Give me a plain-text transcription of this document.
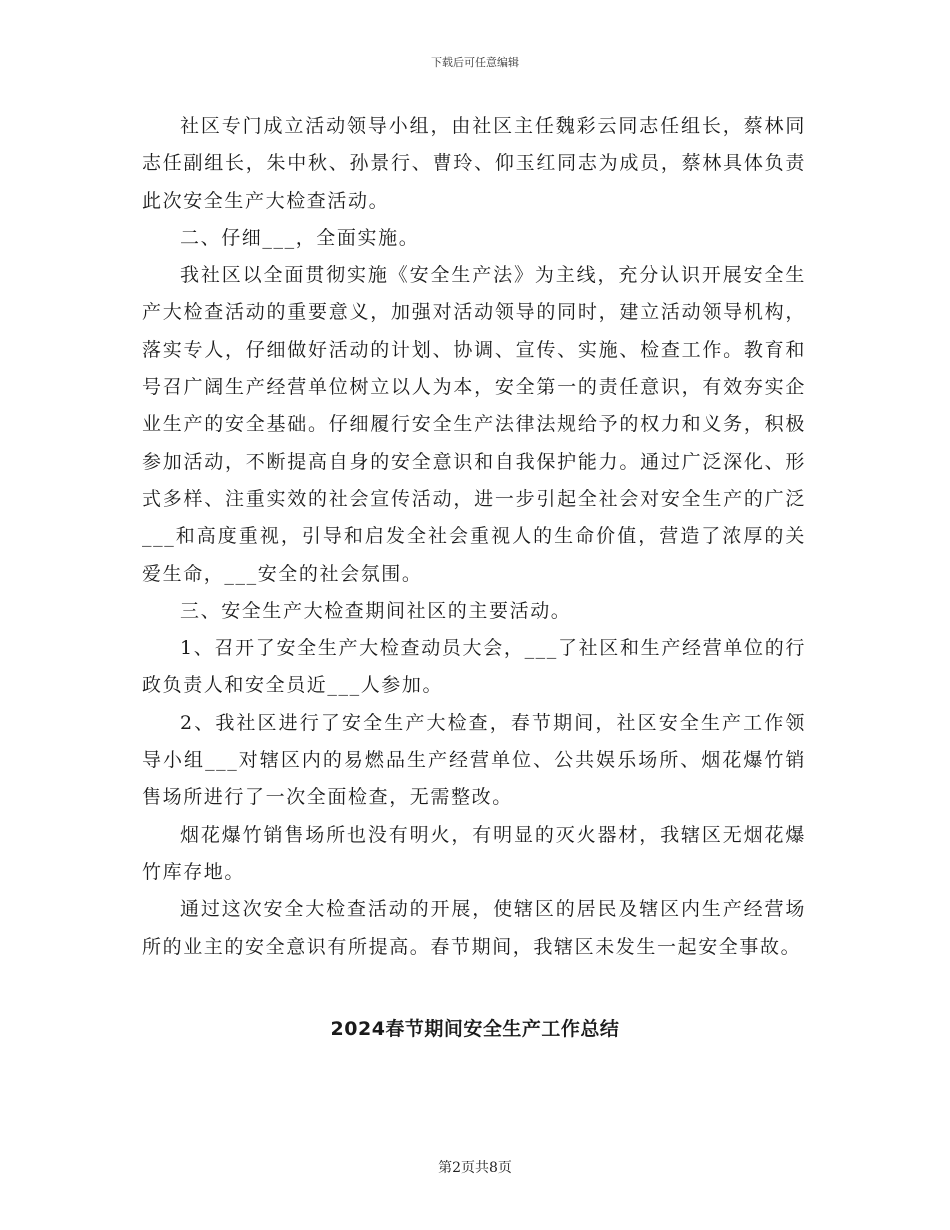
下载后可任意编辑

社区专门成立活动领导小组，由社区主任魏彩云同志任组长，蔡林同志任副组长，朱中秋、孙景行、曹玲、仰玉红同志为成员，蔡林具体负责此次安全生产大检查活动。

二、仔细___，全面实施。

我社区以全面贯彻实施《安全生产法》为主线，充分认识开展安全生产大检查活动的重要意义，加强对活动领导的同时，建立活动领导机构，落实专人，仔细做好活动的计划、协调、宣传、实施、检查工作。教育和号召广阔生产经营单位树立以人为本，安全第一的责任意识，有效夯实企业生产的安全基础。仔细履行安全生产法律法规给予的权力和义务，积极参加活动，不断提高自身的安全意识和自我保护能力。通过广泛深化、形式多样、注重实效的社会宣传活动，进一步引起全社会对安全生产的广泛___和高度重视，引导和启发全社会重视人的生命价值，营造了浓厚的关爱生命，___安全的社会氛围。

三、安全生产大检查期间社区的主要活动。

1、召开了安全生产大检查动员大会，___了社区和生产经营单位的行政负责人和安全员近___人参加。

2、我社区进行了安全生产大检查，春节期间，社区安全生产工作领导小组___对辖区内的易燃品生产经营单位、公共娱乐场所、烟花爆竹销售场所进行了一次全面检查，无需整改。

烟花爆竹销售场所也没有明火，有明显的灭火器材，我辖区无烟花爆竹库存地。

通过这次安全大检查活动的开展，使辖区的居民及辖区内生产经营场所的业主的安全意识有所提高。春节期间，我辖区未发生一起安全事故。

2024春节期间安全生产工作总结
第2页共8页
